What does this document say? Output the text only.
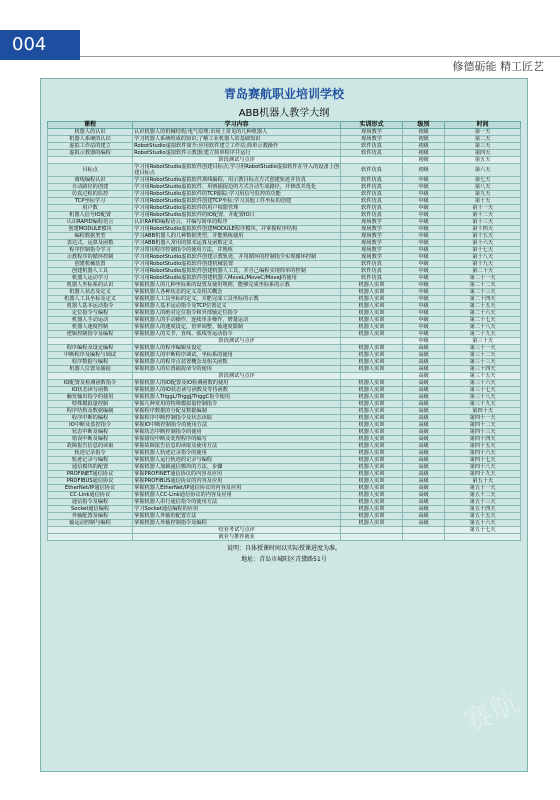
004
修德砺能 精工匠艺
赛航
青岛赛航职业培训学校
ABB机器人教学大纲
课程	学习内容	实训形式	级别	时间
机器人的认识	认识机器人的机械结构;电气原理;市场上常见的几种机器人	现场教学	初级	第一天
机器人系统的认识	学习机器人系统组成的知识;了解工业机器人的基础知识	现场教学	初级	第二天
虚拟工作站的建立	RobotStudio虚拟软件简介;应用软件建立工作站;简单示教操作	软件仿真	初级	第三天
虚拟示教器的编程	RobotStudio虚拟软件示教器;建立简单程序并运行	软件仿真	初级	第四天
	阶段测试与点评		初级	第五天
目标点	学习用RobotStudio虚拟软件创建目标点;学习用RobotStudio虚拟软件在导入的设备上创建目标点	软件仿真	初级	第六天
离线编程认识	学习用RobotStudio虚拟软件离线编程，用示教目标点方式创建轨迹并仿真	软件仿真	中级	第七天
自动路径的创建	学习用RobotStudio虚拟软件，用画捕捉边的方式自动生成路径，并修改并优化	软件仿真	中级	第八天
仿真过程的监控	学习用RobotStudio虚拟软件的TCP跟踪;学习用信号监控的功能	软件仿真	中级	第九天
TCP坐标学习	学习用RobotStudio虚拟软件创建TCP坐标;学习其他工件坐标的创建	软件仿真	中级	第十天
用户数	学习用RobotStudio虚拟软件的用户权限管理	软件仿真	中级	第十一天
机器人信号IO配置	学习用RobotStudio虚拟软件的IO配置，并配置IO口	软件仿真	中级	第十二天
认识RAPID编程语言	认识RAPID编程语言，并编写简单的程序	现场教学	中级	第十三天
创建MODULE模块	学习用RobotStudio虚拟软件创建MODULE程序模块，并掌握程序结构	现场教学	中级	第十四天
编程数据类型	学习ABB机器人的几种数据类型，并能熟练使用	现场教学	中级	第十五天
表达式、运算及函数	学习ABB机器人常用的算术运算及函数定义	现场教学	中级	第十六天
程序控制指令学习	学习常用程序控制指令的使用方法，并熟练	现场教学	中级	第十七天
示教程序的循环控制	学习用RobotStudio虚拟软件创建示教轨迹，并用循环的控制指令实现循环控制	现场教学	中级	第十八天
创建机械装置	学习用RobotStudio虚拟软件创建机械装置	软件仿真	中级	第十九天
创建机器人工具	学习用RobotStudio虚拟软件创建机器人工具，并自己编程实现简单的控制	软件仿真	中级	第二十天
机器人运动学习	学习用RobotStudio虚拟软件创建机器人MoveL/MoveC/MoveJ的使用	软件仿真	中级	第二十一天
机器人坐标系的认识	掌握机器人的几种坐标系的设置及使用规则，能够完成坐标系的示教	机器人实训	中级	第二十二天
机器人状态及定义	掌握机器人各种状态的定义及相关概念	机器人实训	中级	第二十三天
机器人工具坐标及定义	掌握机器人工具坐标的定义，并能完成工具坐标的示教	机器人实训	中级	第二十四天
机器人基本运动指令	掌握机器人基本运动指令及TCP位置定义	机器人实训	中级	第二十五天
定位指令与编程	掌握机器人的绝对定位指令和外部轴定位指令	机器人实训	中级	第二十六天
机器人手动运动	掌握机器人的手动操作，连续单步操作，增量运动	机器人实训	中级	第二十七天
机器人速度控制	掌握机器人的速度设定，倍率调整、轴速度限制	机器人实训	中级	第二十八天
逻辑控制指令及编程	掌握机器人的关节，直线、弧线等运动指令	机器人实训	中级	第二十九天
	阶段测试与点评		中级	第三十天
程序编程及设定编程	掌握机器人的程序编辑及设定	机器人实训	高级	第三十一天
中断程序及编程与调试	掌握机器人的中断程序调试，坐标系的使用	机器人实训	高级	第三十二天
程序数据与编程	掌握机器人的程序点装置概念及相关函数	机器人实训	高级	第三十三天
机器人位置及捕捉	掌握机器人的位置捕捉命令的使用	机器人实训	高级	第三十四天
	阶段测试与点评		高级	第三十五天
IO配置及检测函数指令	掌握机器人的IO配置及IO检测函数的使用	机器人实训	高级	第三十六天
IO状态读写函数	掌握机器人的IO状态读写函数及等待函数	机器人实训	高级	第三十七天
触发输出指令的使用	掌握机器人TriggL/TriggJ/TriggC指令使用	机器人实训	高级	第三十八天
特殊模拟量控制	掌握几种常用的特殊模拟量控制指令	机器人实训	高级	第三十九天
程序结构及数据编制	掌握程序数据的分配及数据编制	机器人实训	高级	第四十天
程序中断的编程	掌握程序中断控制指令及状态读取	机器人实训	高级	第四十一天
IO中断及监控指令	掌握IO中断控制指令的使用方法	机器人实训	高级	第四十二天
状态中断及编程	掌握状态中断控制指令的使用	机器人实训	高级	第四十三天
错误中断及编程	掌握错误中断及处理程序的编写	机器人实训	高级	第四十四天
故障报告信息的读取	掌握故障报告信息的读取及使用方法	机器人实训	高级	第四十五天
轨迹记录指令	掌握机器人轨迹记录指令的使用	机器人实训	高级	第四十六天
轨迹记录与编程	掌握机器人运行轨迹的记录与编程	机器人实训	高级	第四十七天
通信模块的配置	掌握机器人加载通信模块的方法、步骤	机器人实训	高级	第四十八天
PROFINET通信协议	掌握PROFINET通信协议的内容及应用	机器人实训	高级	第四十九天
PROFIBUS通信协议	掌握PROFIBUS通信协议的内容及应用	机器人实训	高级	第五十天
EtherNet/IP通信协议	掌握机器人EtherNet/IP通信协议的内容及应用	机器人实训	高级	第五十一天
CC-Link通信协议	掌握机器人CC-Link通信协议的内容及应用	机器人实训	高级	第五十二天
通信指令及编程	掌握机器人串行通信指令的使用方法	机器人实训	高级	第五十三天
Socket通信编程	学习Socket通信编程的应用	机器人实训	高级	第五十四天
外轴配置及编程	掌握机器人外轴的配置方法	机器人实训	高级	第五十五天
轴运动控制与编程	掌握机器人外轴控制指令及编程	机器人实训	高级	第五十六天
	结业考试与点评			第五十七天
	就业与推荐就业			
说明：具体授课时间以实际授课进度为准。
地址：青岛市城阳区青黛路51号
